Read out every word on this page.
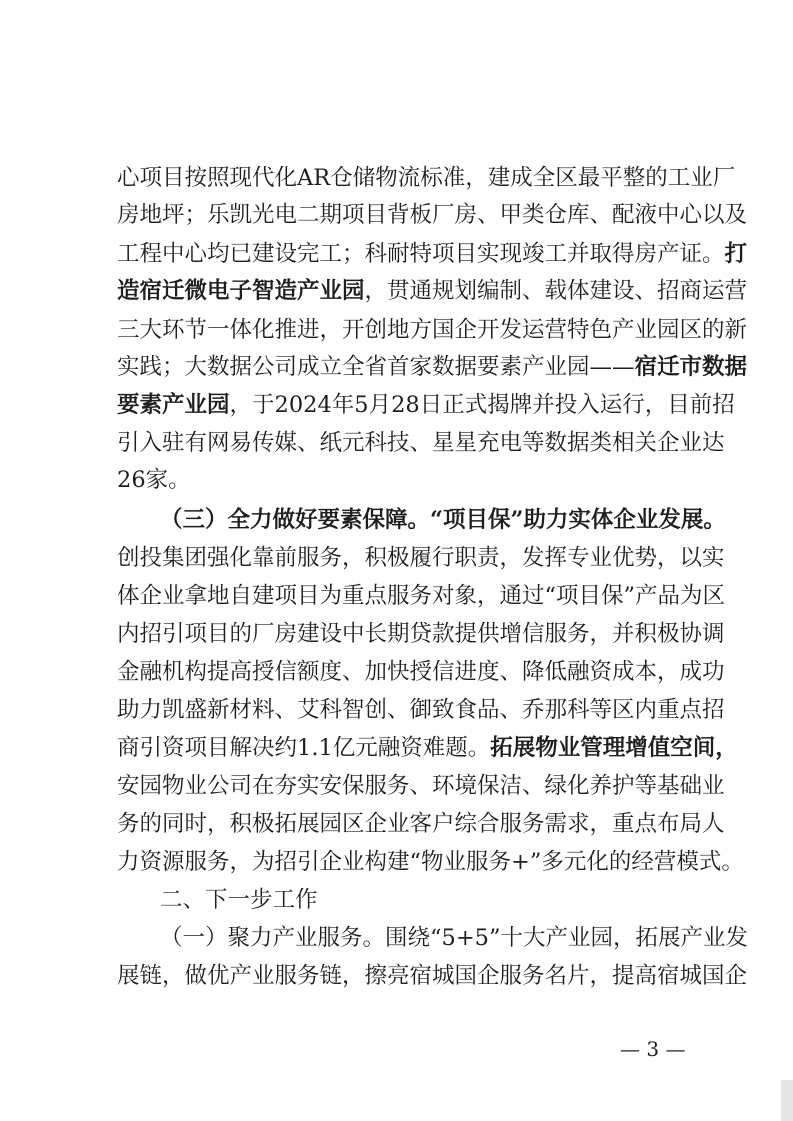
心项目按照现代化AR仓储物流标准，建成全区最平整的工业厂
房地坪；乐凯光电二期项目背板厂房、甲类仓库、配液中心以及
工程中心均已建设完工；科耐特项目实现竣工并取得房产证。打
造宿迁微电子智造产业园，贯通规划编制、载体建设、招商运营
三大环节一体化推进，开创地方国企开发运营特色产业园区的新
实践；大数据公司成立全省首家数据要素产业园——宿迁市数据
要素产业园，于2024年5月28日正式揭牌并投入运行，目前招
引入驻有网易传媒、纸元科技、星星充电等数据类相关企业达
26家。
（三）全力做好要素保障。“项目保”助力实体企业发展。
创投集团强化靠前服务，积极履行职责，发挥专业优势，以实
体企业拿地自建项目为重点服务对象，通过“项目保”产品为区
内招引项目的厂房建设中长期贷款提供增信服务，并积极协调
金融机构提高授信额度、加快授信进度、降低融资成本，成功
助力凯盛新材料、艾科智创、御致食品、乔那科等区内重点招
商引资项目解决约1.1亿元融资难题。拓展物业管理增值空间，
安园物业公司在夯实安保服务、环境保洁、绿化养护等基础业
务的同时，积极拓展园区企业客户综合服务需求，重点布局人
力资源服务，为招引企业构建“物业服务+”多元化的经营模式。
二、下一步工作
（一）聚力产业服务。围绕“5+5”十大产业园，拓展产业发
展链，做优产业服务链，擦亮宿城国企服务名片，提高宿城国企
— 3 —
